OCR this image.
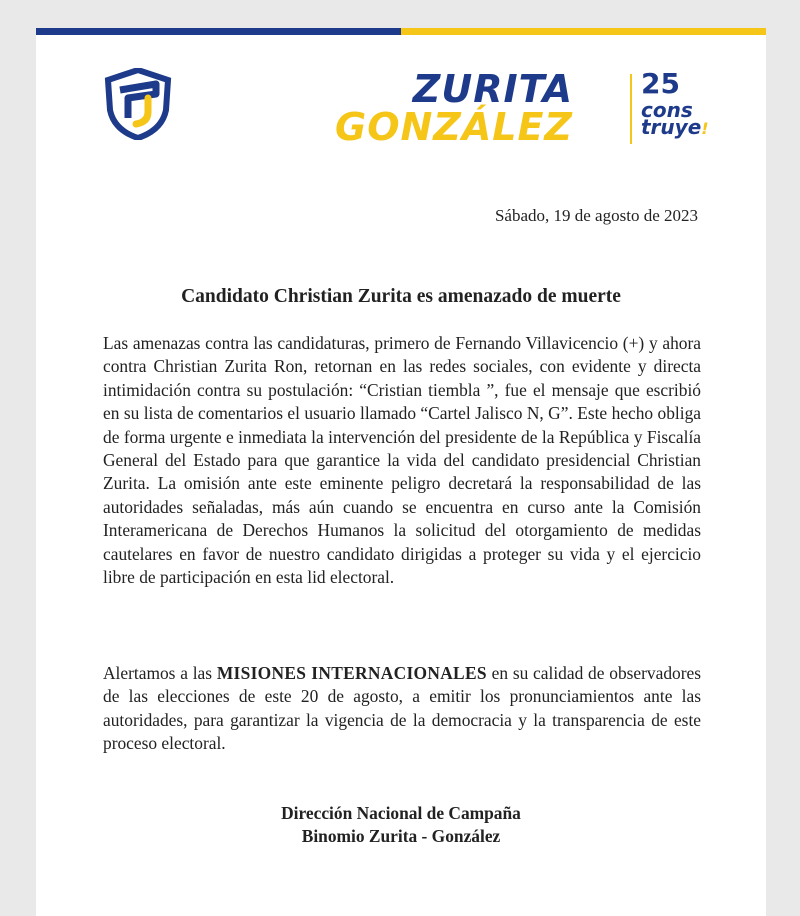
ZURITA
GONZÁLEZ
25
cons
truye!
Sábado, 19 de agosto de 2023
Candidato Christian Zurita es amenazado de muerte

Las amenazas contra las candidaturas, primero de Fernando Villavicencio (+) y ahora contra Christian Zurita Ron, retornan en las redes sociales, con evidente y directa intimidación contra su postulación: “Cristian tiembla ”, fue el mensaje que escribió en su lista de comentarios el usuario llamado “Cartel Jalisco N, G”. Este hecho obliga de forma urgente e inmediata la intervención del presidente de la República y Fiscalía General del Estado para que garantice la vida del candidato presidencial Christian Zurita. La omisión ante este eminente peligro decretará la responsabilidad de las autoridades señaladas, más aún cuando se encuentra en curso ante la Comisión Interamericana de Derechos Humanos la solicitud del otorgamiento de medidas cautelares en favor de nuestro candidato dirigidas a proteger su vida y el ejercicio libre de participación en esta lid electoral.

Alertamos a las MISIONES INTERNACIONALES en su calidad de observadores de las elecciones de este 20 de agosto, a emitir los pronunciamientos ante las autoridades, para garantizar la vigencia de la democracia y la transparencia de este proceso electoral.

Dirección Nacional de Campaña
Binomio Zurita - González
